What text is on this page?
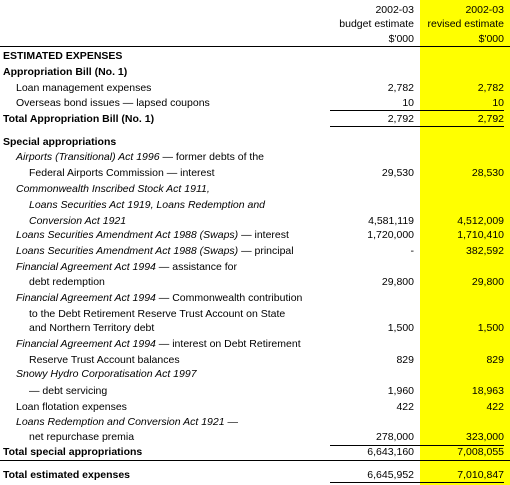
2002-03	2002-03
budget estimate	revised estimate
$'000	$'000
ESTIMATED EXPENSES
Appropriation Bill (No. 1)
Loan management expenses	2,782	2,782
Overseas bond issues — lapsed coupons	10	10
Total Appropriation Bill (No. 1)	2,792	2,792
Special appropriations
Airports (Transitional) Act 1996 — former debts of the
Federal Airports Commission — interest	29,530	28,530
Commonwealth Inscribed Stock Act 1911,
Loans Securities Act 1919, Loans Redemption and
Conversion Act 1921	4,581,119	4,512,009
Loans Securities Amendment Act 1988 (Swaps) — interest	1,720,000	1,710,410
Loans Securities Amendment Act 1988 (Swaps) — principal	-	382,592
Financial Agreement Act 1994 — assistance for
debt redemption	29,800	29,800
Financial Agreement Act 1994 — Commonwealth contribution
to the Debt Retirement Reserve Trust Account on State
and Northern Territory debt	1,500	1,500
Financial Agreement Act 1994 — interest on Debt Retirement
Reserve Trust Account balances	829	829
Snowy Hydro Corporatisation Act 1997
— debt servicing	1,960	18,963
Loan flotation expenses	422	422
Loans Redemption and Conversion Act 1921 —
net repurchase premia	278,000	323,000
Total special appropriations	6,643,160	7,008,055
Total estimated expenses	6,645,952	7,010,847
